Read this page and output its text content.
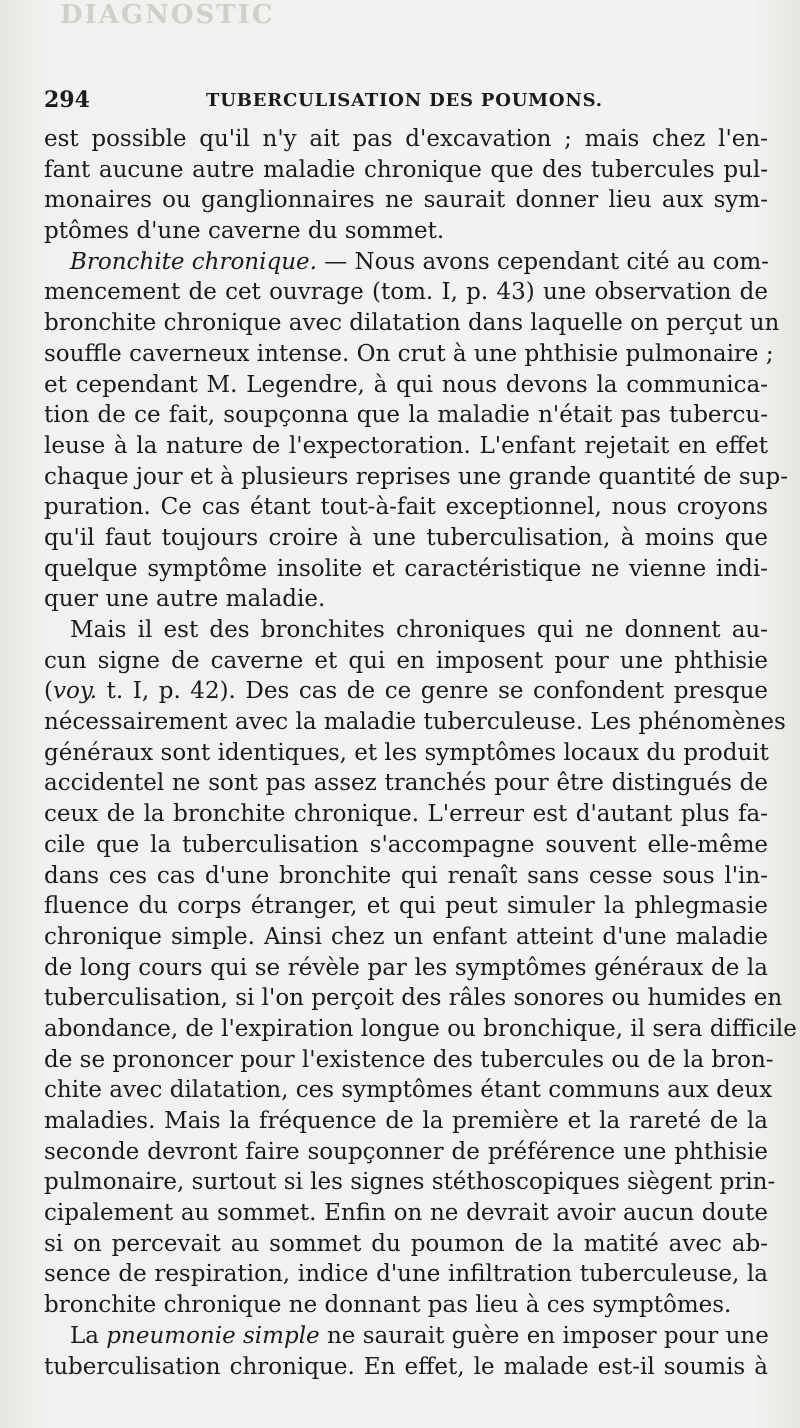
DIAGNOSTIC
294	TUBERCULISATION DES POUMONS.
est possible qu'il n'y ait pas d'excavation ; mais chez l'en-
fant aucune autre maladie chronique que des tubercules pul-
monaires ou ganglionnaires ne saurait donner lieu aux sym-
ptômes d'une caverne du sommet.
Bronchite chronique. — Nous avons cependant cité au com-
mencement de cet ouvrage (tom. I, p. 43) une observation de
bronchite chronique avec dilatation dans laquelle on perçut un
souffle caverneux intense. On crut à une phthisie pulmonaire ;
et cependant M. Legendre, à qui nous devons la communica-
tion de ce fait, soupçonna que la maladie n'était pas tubercu-
leuse à la nature de l'expectoration. L'enfant rejetait en effet
chaque jour et à plusieurs reprises une grande quantité de sup-
puration. Ce cas étant tout-à-fait exceptionnel, nous croyons
qu'il faut toujours croire à une tuberculisation, à moins que
quelque symptôme insolite et caractéristique ne vienne indi-
quer une autre maladie.
Mais il est des bronchites chroniques qui ne donnent au-
cun signe de caverne et qui en imposent pour une phthisie
(voy. t. I, p. 42). Des cas de ce genre se confondent presque
nécessairement avec la maladie tuberculeuse. Les phénomènes
généraux sont identiques, et les symptômes locaux du produit
accidentel ne sont pas assez tranchés pour être distingués de
ceux de la bronchite chronique. L'erreur est d'autant plus fa-
cile que la tuberculisation s'accompagne souvent elle-même
dans ces cas d'une bronchite qui renaît sans cesse sous l'in-
fluence du corps étranger, et qui peut simuler la phlegmasie
chronique simple. Ainsi chez un enfant atteint d'une maladie
de long cours qui se révèle par les symptômes généraux de la
tuberculisation, si l'on perçoit des râles sonores ou humides en
abondance, de l'expiration longue ou bronchique, il sera difficile
de se prononcer pour l'existence des tubercules ou de la bron-
chite avec dilatation, ces symptômes étant communs aux deux
maladies. Mais la fréquence de la première et la rareté de la
seconde devront faire soupçonner de préférence une phthisie
pulmonaire, surtout si les signes stéthoscopiques siègent prin-
cipalement au sommet. Enfin on ne devrait avoir aucun doute
si on percevait au sommet du poumon de la matité avec ab-
sence de respiration, indice d'une infiltration tuberculeuse, la
bronchite chronique ne donnant pas lieu à ces symptômes.
La pneumonie simple ne saurait guère en imposer pour une
tuberculisation chronique. En effet, le malade est-il soumis à
